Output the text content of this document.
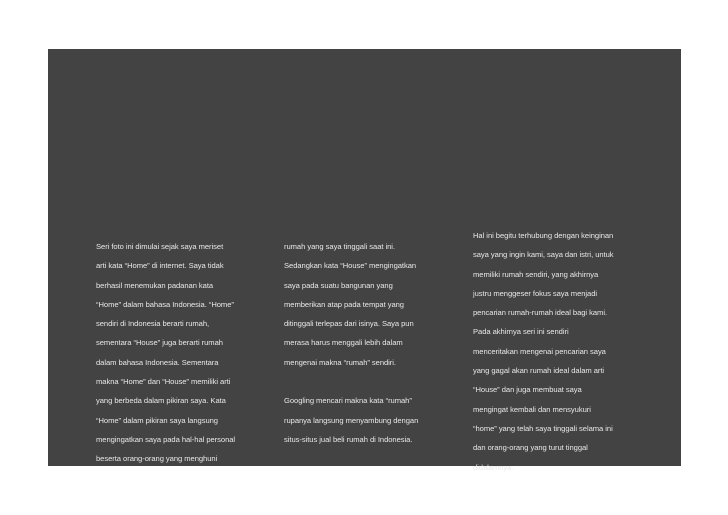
Seri foto ini dimulai sejak saya meriset
arti kata “Home” di internet. Saya tidak
berhasil menemukan padanan kata
“Home” dalam bahasa Indonesia. “Home”
sendiri di Indonesia berarti rumah,
sementara “House” juga berarti rumah
dalam bahasa Indonesia. Sementara
makna “Home” dan “House” memiliki arti
yang berbeda dalam pikiran saya. Kata
“Home” dalam pikiran saya langsung
mengingatkan saya pada hal-hal personal
beserta orang-orang yang menghuni
rumah yang saya tinggali saat ini.
Sedangkan kata “House” mengingatkan
saya pada suatu bangunan yang
memberikan atap pada tempat yang
ditinggali terlepas dari isinya. Saya pun
merasa harus menggali lebih dalam
mengenai makna “rumah” sendiri.
Googling mencari makna kata “rumah”
rupanya langsung menyambung dengan
situs-situs jual beli rumah di Indonesia.
Hal ini begitu terhubung dengan keinginan
saya yang ingin kami, saya dan istri, untuk
memiliki rumah sendiri, yang akhirnya
justru menggeser fokus saya menjadi
pencarian rumah-rumah ideal bagi kami.
Pada akhirnya seri ini sendiri
menceritakan mengenai pencarian saya
yang gagal akan rumah ideal dalam arti
“House” dan juga membuat saya
mengingat kembali dan mensyukuri
“home” yang telah saya tinggali selama ini
dan orang-orang yang turut tinggal
didalamnya.
